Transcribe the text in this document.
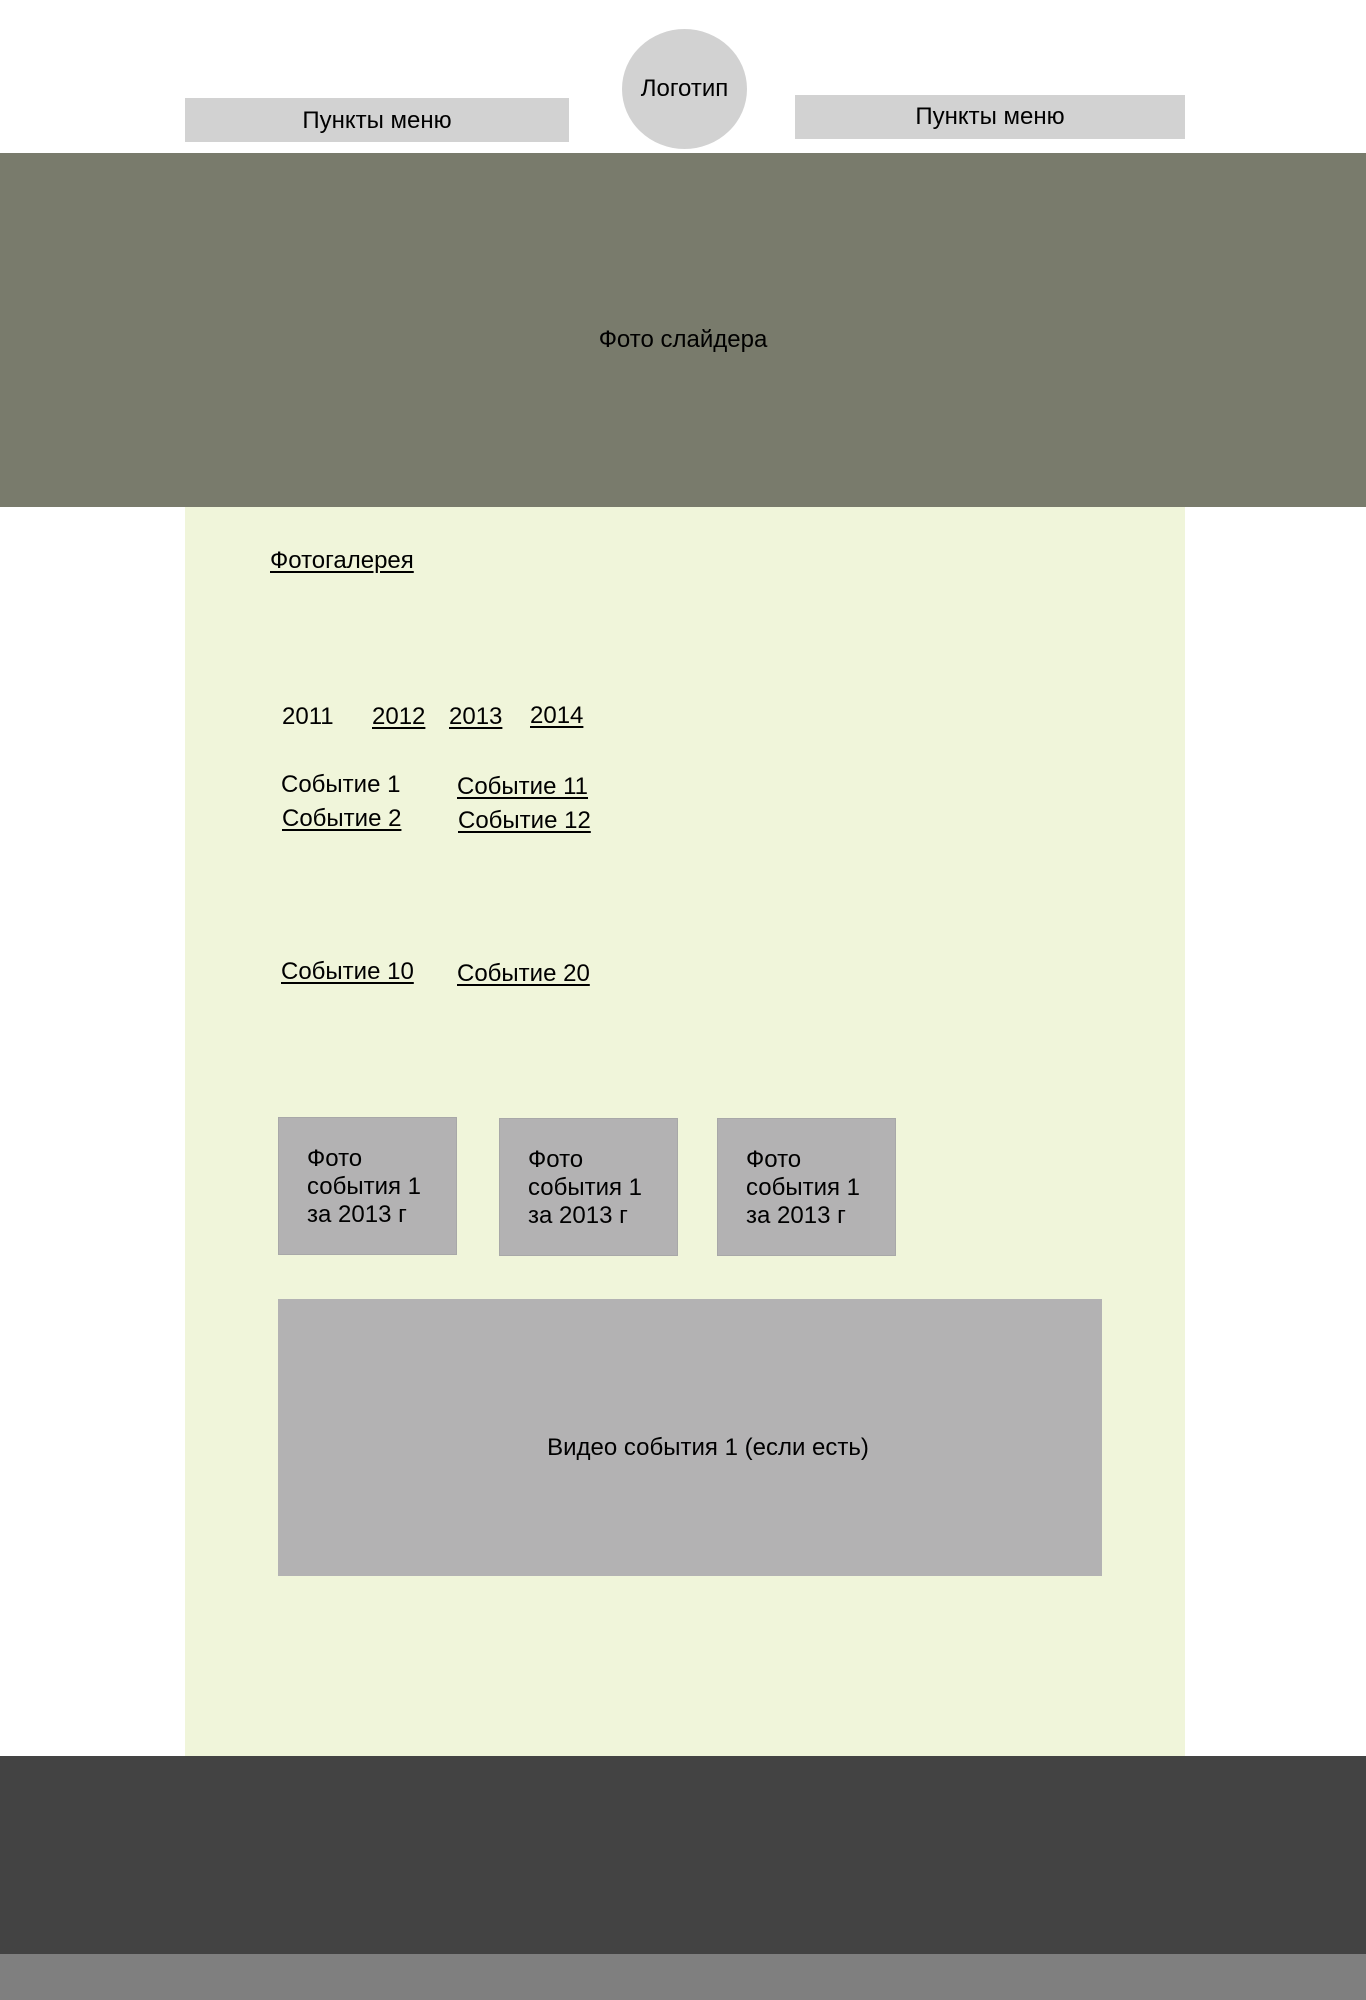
Пункты меню
Логотип
Пункты меню
Фото слайдера
Фотогалерея
2011 2012 2013 2014
Событие 1
Событие 2
Событие 10
Событие 11
Событие 12
Событие 20
Фото
события 1
за 2013 г
Фото
события 1
за 2013 г
Фото
события 1
за 2013 г
Видео события 1 (если есть)
